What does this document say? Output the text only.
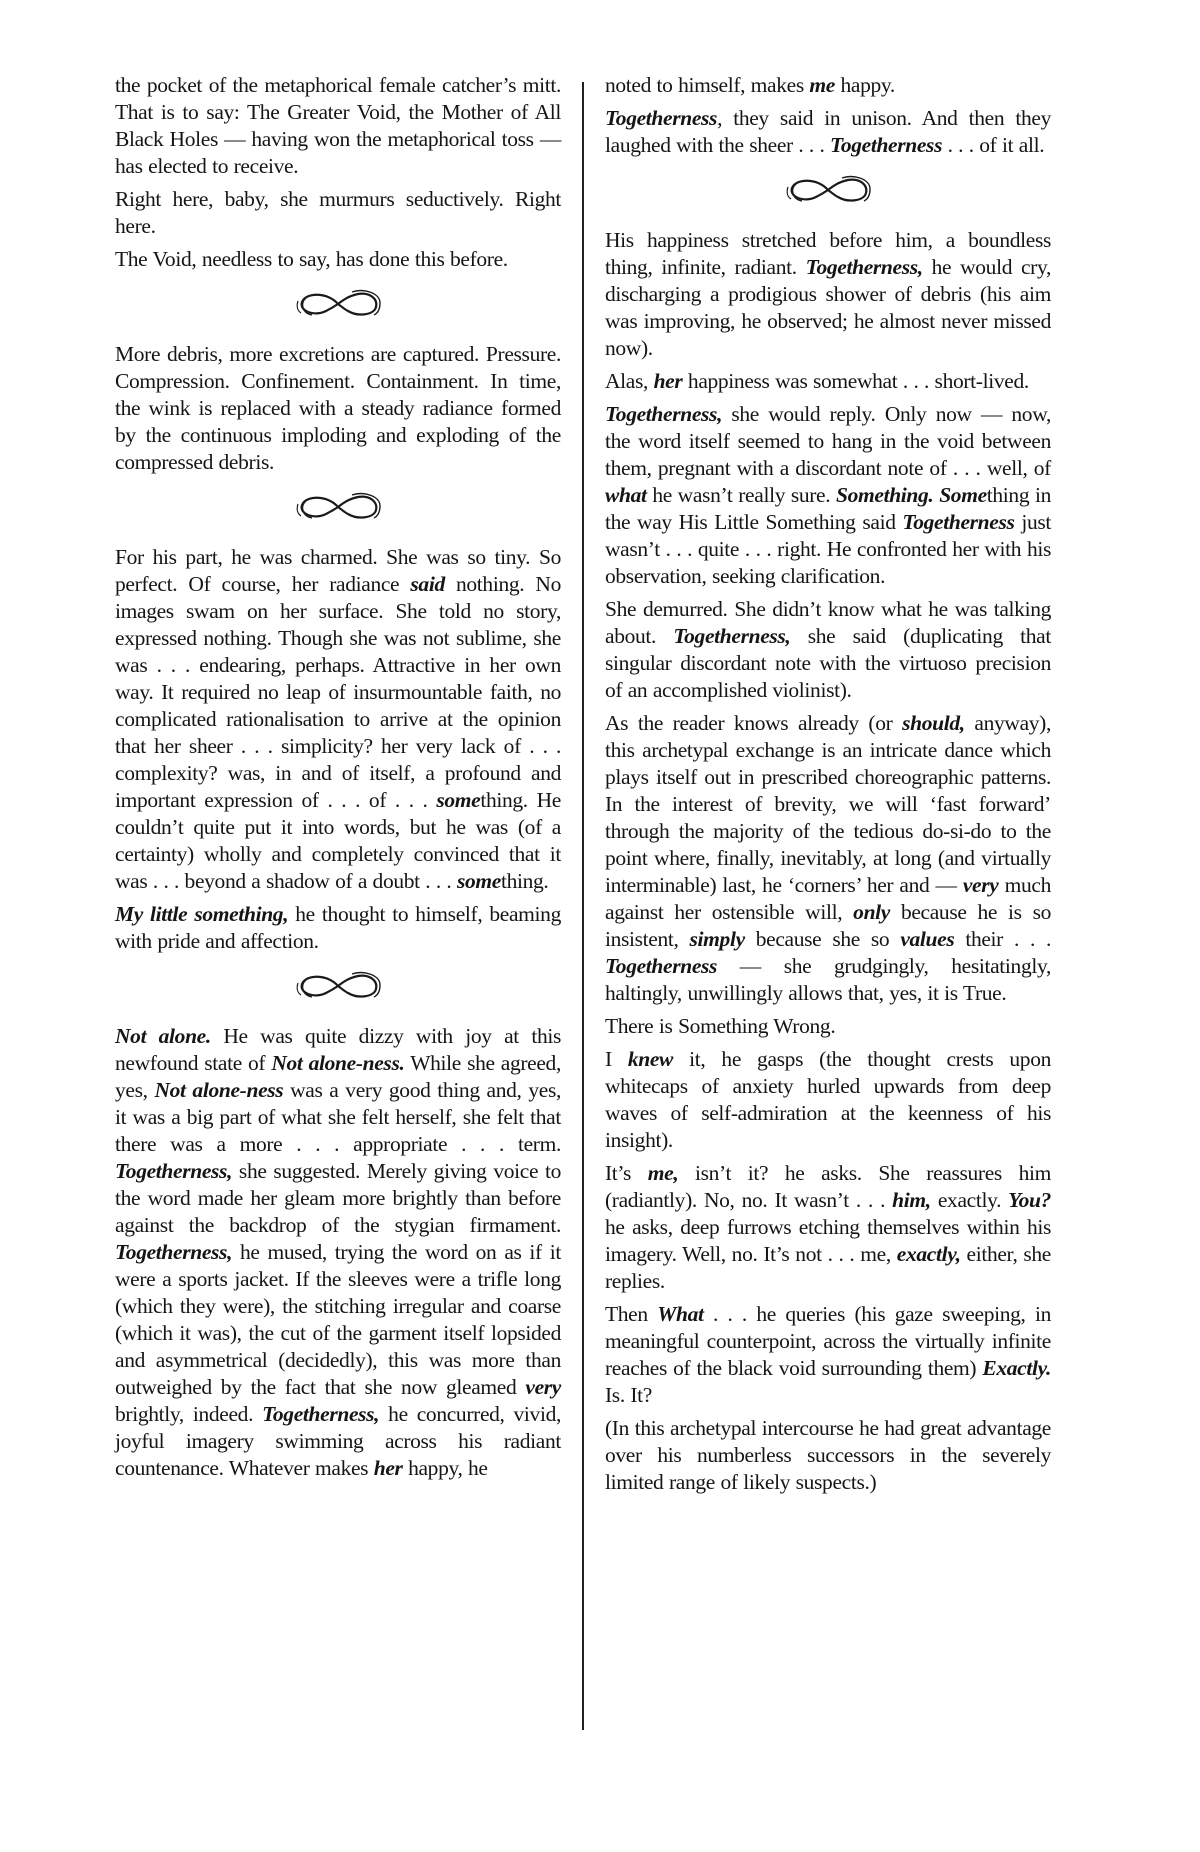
the pocket of the metaphorical female catcher’s mitt. That is to say: The Greater Void, the Mother of All Black Holes — having won the metaphorical toss — has elected to receive.

Right here, baby, she murmurs seductively. Right here.

The Void, needless to say, has done this before.

More debris, more excretions are captured. Pressure. Compression. Confinement. Containment. In time, the wink is replaced with a steady radiance formed by the continuous imploding and exploding of the compressed debris.

For his part, he was charmed. She was so tiny. So perfect. Of course, her radiance said nothing. No images swam on her surface. She told no story, expressed nothing. Though she was not sublime, she was . . . endearing, perhaps. Attractive in her own way. It required no leap of insurmountable faith, no complicated rationalisation to arrive at the opinion that her sheer . . . simplicity? her very lack of . . . complexity? was, in and of itself, a profound and important expression of . . . of . . . something. He couldn’t quite put it into words, but he was (of a certainty) wholly and completely convinced that it was . . . beyond a shadow of a doubt . . . something.

My little something, he thought to himself, beaming with pride and affection.

Not alone. He was quite dizzy with joy at this newfound state of Not alone-ness. While she agreed, yes, Not alone-ness was a very good thing and, yes, it was a big part of what she felt herself, she felt that there was a more . . . appropriate . . . term. Togetherness, she suggested. Merely giving voice to the word made her gleam more brightly than before against the backdrop of the stygian firmament. Togetherness, he mused, trying the word on as if it were a sports jacket. If the sleeves were a trifle long (which they were), the stitching irregular and coarse (which it was), the cut of the garment itself lopsided and asymmetrical (decidedly), this was more than outweighed by the fact that she now gleamed very brightly, indeed. Togetherness, he concurred, vivid, joyful imagery swimming across his radiant countenance. Whatever makes her happy, he

noted to himself, makes me happy.

Togetherness, they said in unison. And then they laughed with the sheer . . . Togetherness . . . of it all.

His happiness stretched before him, a boundless thing, infinite, radiant. Togetherness, he would cry, discharging a prodigious shower of debris (his aim was improving, he observed; he almost never missed now).

Alas, her happiness was somewhat . . . short-lived.

Togetherness, she would reply. Only now — now, the word itself seemed to hang in the void between them, pregnant with a discordant note of . . . well, of what he wasn’t really sure. Something. Something in the way His Little Something said Togetherness just wasn’t . . . quite . . . right. He confronted her with his observation, seeking clarification.

She demurred. She didn’t know what he was talking about. Togetherness, she said (duplicating that singular discordant note with the virtuoso precision of an accomplished violinist).

As the reader knows already (or should, anyway), this archetypal exchange is an intricate dance which plays itself out in prescribed choreographic patterns. In the interest of brevity, we will ‘fast forward’ through the majority of the tedious do-si-do to the point where, finally, inevitably, at long (and virtually interminable) last, he ‘corners’ her and — very much against her ostensible will, only because he is so insistent, simply because she so values their . . . Togetherness — she grudgingly, hesitatingly, haltingly, unwillingly allows that, yes, it is True.

There is Something Wrong.

I knew it, he gasps (the thought crests upon whitecaps of anxiety hurled upwards from deep waves of self-admiration at the keenness of his insight).

It’s me, isn’t it? he asks. She reassures him (radiantly). No, no. It wasn’t . . . him, exactly. You? he asks, deep furrows etching themselves within his imagery. Well, no. It’s not . . . me, exactly, either, she replies.

Then What . . . he queries (his gaze sweeping, in meaningful counterpoint, across the virtually infinite reaches of the black void surrounding them) Exactly. Is. It?

(In this archetypal intercourse he had great advantage over his numberless successors in the severely limited range of likely suspects.)
